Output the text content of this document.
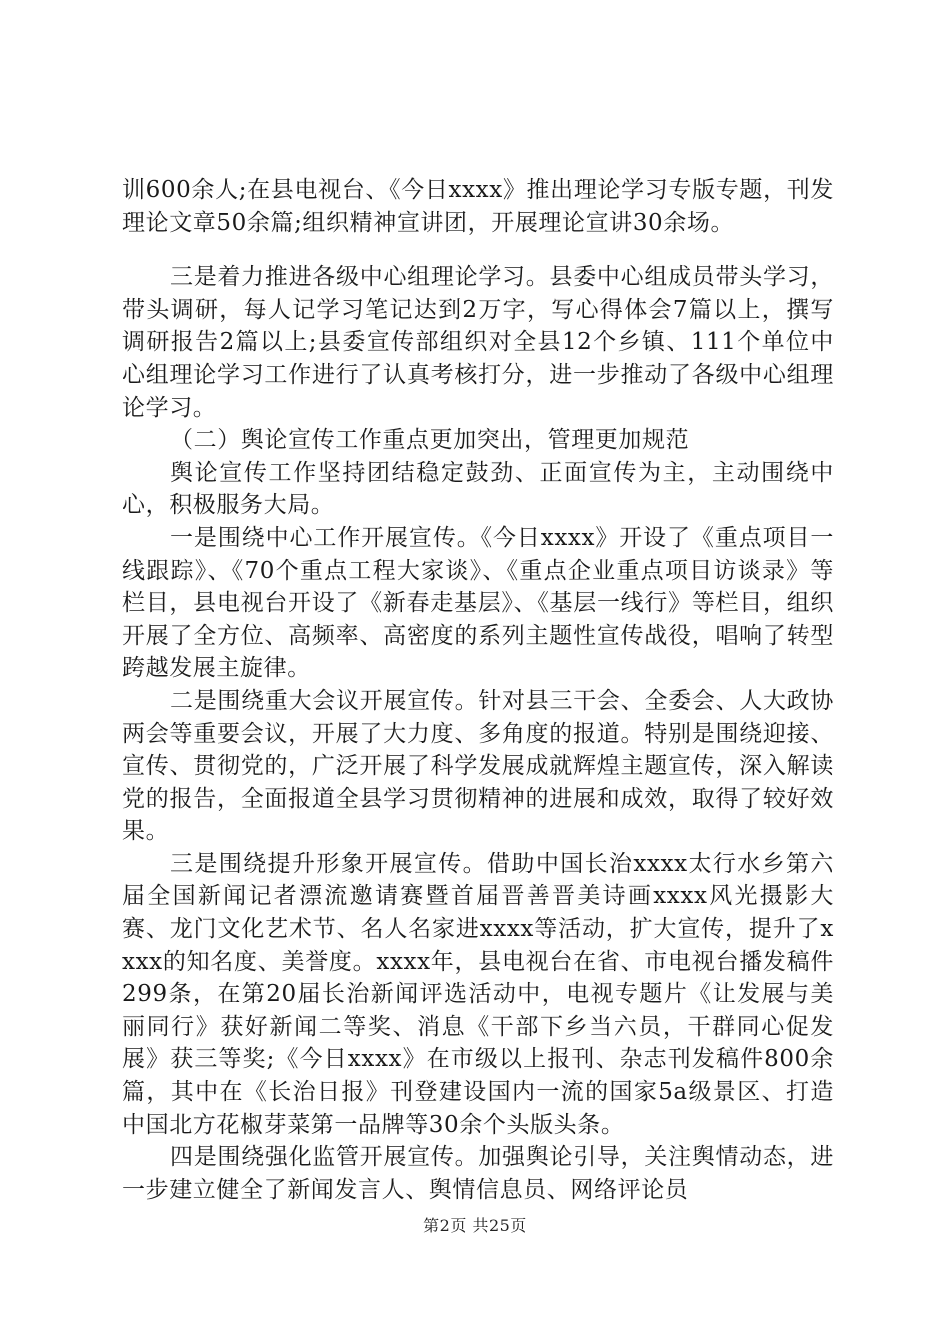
训600余人;在县电视台、《今日xxxx》推出理论学习专版专题，刊发理论文章50余篇;组织精神宣讲团，开展理论宣讲30余场。

三是着力推进各级中心组理论学习。县委中心组成员带头学习，带头调研，每人记学习笔记达到2万字，写心得体会7篇以上，撰写调研报告2篇以上;县委宣传部组织对全县12个乡镇、111个单位中心组理论学习工作进行了认真考核打分，进一步推动了各级中心组理论学习。

（二）舆论宣传工作重点更加突出，管理更加规范

舆论宣传工作坚持团结稳定鼓劲、正面宣传为主，主动围绕中心，积极服务大局。

一是围绕中心工作开展宣传。《今日xxxx》开设了《重点项目一线跟踪》、《70个重点工程大家谈》、《重点企业重点项目访谈录》等栏目，县电视台开设了《新春走基层》、《基层一线行》等栏目，组织开展了全方位、高频率、高密度的系列主题性宣传战役，唱响了转型跨越发展主旋律。

二是围绕重大会议开展宣传。针对县三干会、全委会、人大政协两会等重要会议，开展了大力度、多角度的报道。特别是围绕迎接、宣传、贯彻党的，广泛开展了科学发展成就辉煌主题宣传，深入解读党的报告，全面报道全县学习贯彻精神的进展和成效，取得了较好效果。

三是围绕提升形象开展宣传。借助中国长治xxxx太行水乡第六届全国新闻记者漂流邀请赛暨首届晋善晋美诗画xxxx风光摄影大赛、龙门文化艺术节、名人名家进xxxx等活动，扩大宣传，提升了xxxx的知名度、美誉度。xxxx年，县电视台在省、市电视台播发稿件299条，在第20届长治新闻评选活动中，电视专题片《让发展与美丽同行》获好新闻二等奖、消息《干部下乡当六员，干群同心促发展》获三等奖;《今日xxxx》在市级以上报刊、杂志刊发稿件800余篇，其中在《长治日报》刊登建设国内一流的国家5a级景区、打造中国北方花椒芽菜第一品牌等30余个头版头条。

四是围绕强化监管开展宣传。加强舆论引导，关注舆情动态，进一步建立健全了新闻发言人、舆情信息员、网络评论员

第2页 共25页
